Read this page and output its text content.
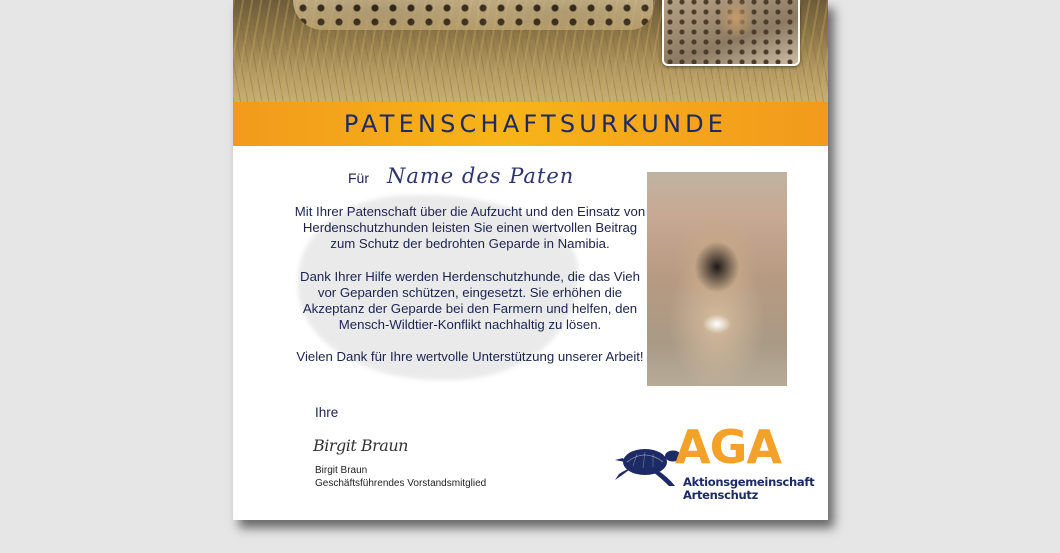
PATENSCHAFTSURKUNDE
Für Name des Paten

Mit Ihrer Patenschaft über die Aufzucht und den Einsatz von Herdenschutzhunden leisten Sie einen wertvollen Beitrag zum Schutz der bedrohten Geparde in Namibia.

Dank Ihrer Hilfe werden Herdenschutzhunde, die das Vieh vor Geparden schützen, eingesetzt. Sie erhöhen die Akzeptanz der Geparde bei den Farmern und helfen, den Mensch-Wildtier-Konflikt nachhaltig zu lösen.

Vielen Dank für Ihre wertvolle Unterstützung unserer Arbeit!

Ihre
Birgit Braun
Birgit Braun
Geschäftsführendes Vorstandsmitglied
AGA
Aktionsgemeinschaft
Artenschutz
